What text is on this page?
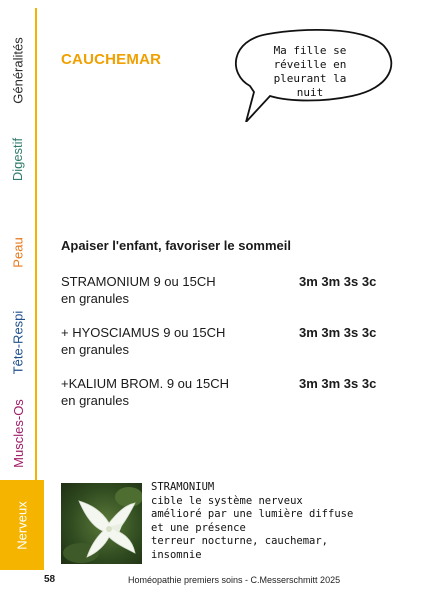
Généralités
Digestif
Peau
Tête-Respi
Muscles-Os
Nerveux
CAUCHEMAR
Ma fille se
réveille en
pleurant la nuit
Apaiser l'enfant, favoriser le sommeil
STRAMONIUM 9 ou 15CH	3m 3m 3s 3c
en granules
+ HYOSCIAMUS 9 ou 15CH	3m 3m 3s 3c
en granules
+KALIUM BROM. 9 ou 15CH	3m 3m 3s 3c
en granules
STRAMONIUM
cible le système nerveux
amélioré par une lumière diffuse
et une présence
terreur nocturne, cauchemar,
insomnie
58	Homéopathie premiers soins - C.Messerschmitt 2025
